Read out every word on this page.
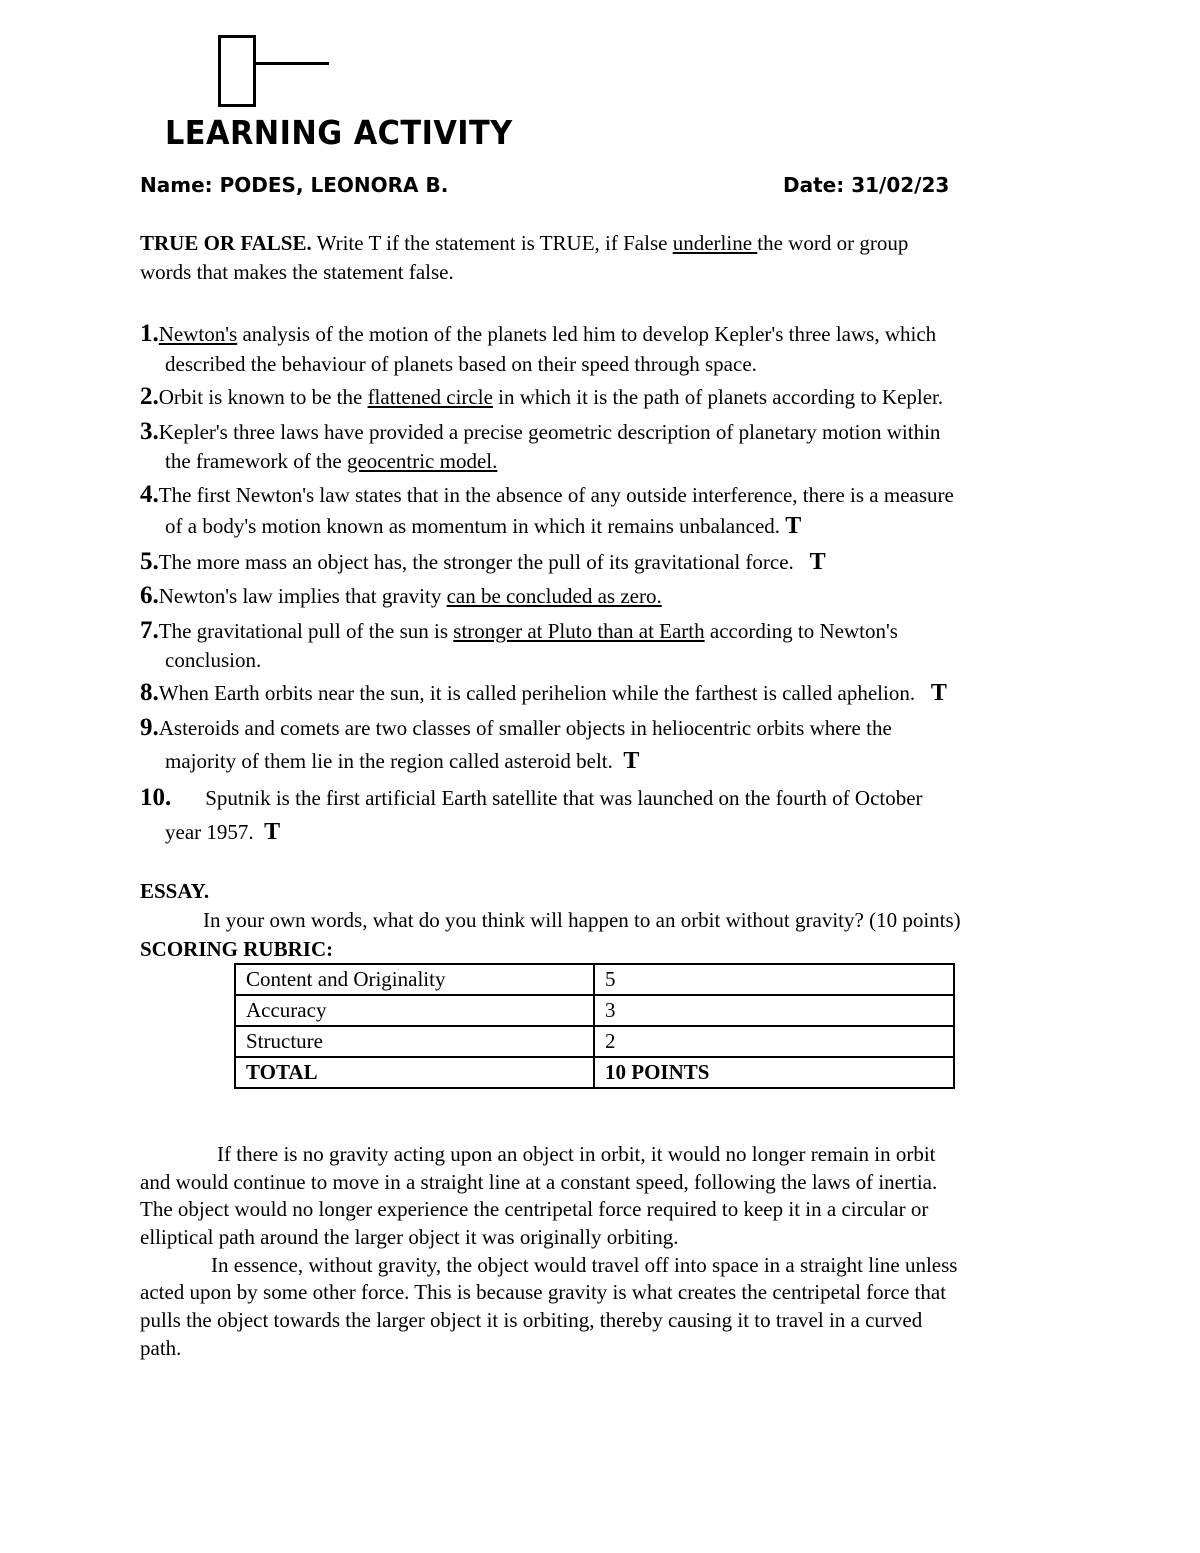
LEARNING ACTIVITY
Name: PODES, LEONORA B.	Date: 31/02/23
TRUE OR FALSE. Write T if the statement is TRUE, if False underline the word or group
words that makes the statement false.
1.Newton's analysis of the motion of the planets led him to develop Kepler's three laws, which
described the behaviour of planets based on their speed through space.
2.Orbit is known to be the flattened circle in which it is the path of planets according to Kepler.
3.Kepler's three laws have provided a precise geometric description of planetary motion within
the framework of the geocentric model.
4.The first Newton's law states that in the absence of any outside interference, there is a measure
of a body's motion known as momentum in which it remains unbalanced. T
5.The more mass an object has, the stronger the pull of its gravitational force. T
6.Newton's law implies that gravity can be concluded as zero.
7.The gravitational pull of the sun is stronger at Pluto than at Earth according to Newton's
conclusion.
8.When Earth orbits near the sun, it is called perihelion while the farthest is called aphelion. T
9.Asteroids and comets are two classes of smaller objects in heliocentric orbits where the
majority of them lie in the region called asteroid belt. T
10. Sputnik is the first artificial Earth satellite that was launched on the fourth of October
year 1957. T
ESSAY.
In your own words, what do you think will happen to an orbit without gravity? (10 points)
SCORING RUBRIC:
Content and Originality	5
Accuracy	3
Structure	2
TOTAL	10 POINTS
If there is no gravity acting upon an object in orbit, it would no longer remain in orbit
and would continue to move in a straight line at a constant speed, following the laws of inertia.
The object would no longer experience the centripetal force required to keep it in a circular or
elliptical path around the larger object it was originally orbiting.
In essence, without gravity, the object would travel off into space in a straight line unless
acted upon by some other force. This is because gravity is what creates the centripetal force that
pulls the object towards the larger object it is orbiting, thereby causing it to travel in a curved
path.
